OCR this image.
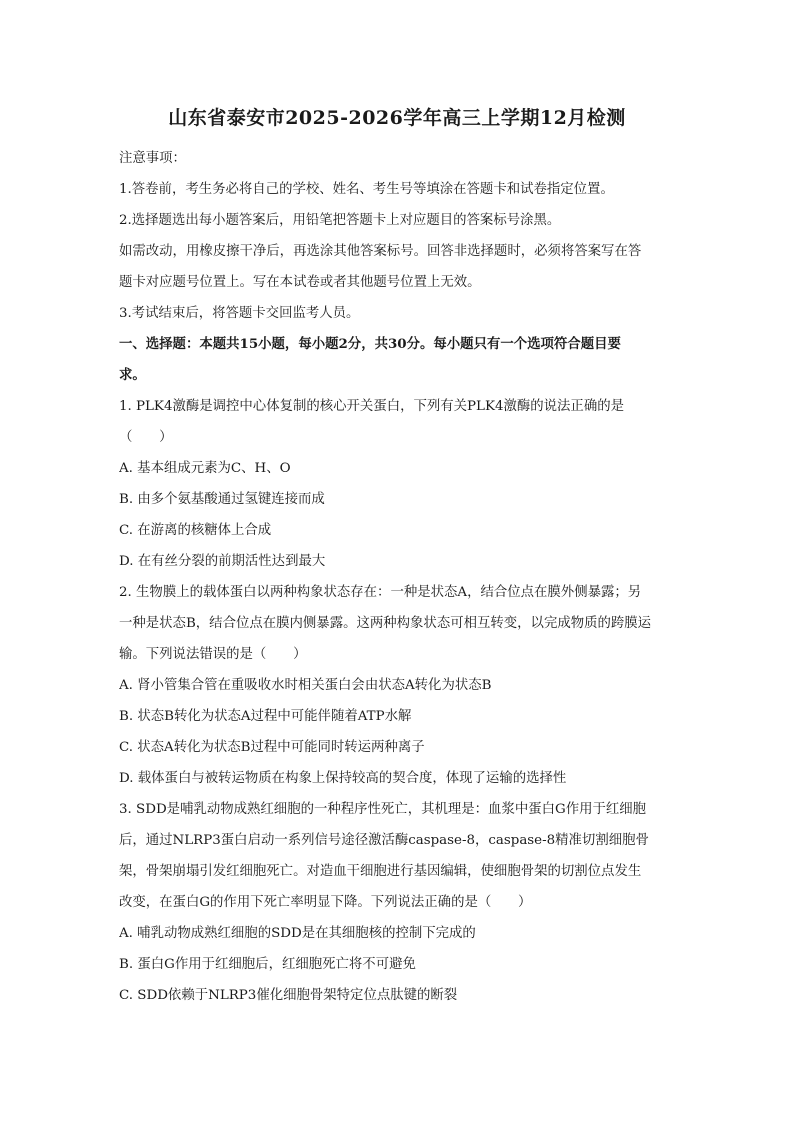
山东省泰安市2025-2026学年高三上学期12月检测
注意事项：
1.答卷前，考生务必将自己的学校、姓名、考生号等填涂在答题卡和试卷指定位置。
2.选择题选出每小题答案后，用铅笔把答题卡上对应题目的答案标号涂黑。
如需改动，用橡皮擦干净后，再选涂其他答案标号。回答非选择题时，必须将答案写在答
题卡对应题号位置上。写在本试卷或者其他题号位置上无效。
3.考试结束后，将答题卡交回监考人员。
一、选择题：本题共15小题，每小题2分，共30分。每小题只有一个选项符合题目要
求。
1. PLK4激酶是调控中心体复制的核心开关蛋白，下列有关PLK4激酶的说法正确的是
（　　）
A. 基本组成元素为C、H、O
B. 由多个氨基酸通过氢键连接而成
C. 在游离的核糖体上合成
D. 在有丝分裂的前期活性达到最大
2. 生物膜上的载体蛋白以两种构象状态存在：一种是状态A，结合位点在膜外侧暴露；另
一种是状态B，结合位点在膜内侧暴露。这两种构象状态可相互转变，以完成物质的跨膜运
输。下列说法错误的是（　　）
A. 肾小管集合管在重吸收水时相关蛋白会由状态A转化为状态B
B. 状态B转化为状态A过程中可能伴随着ATP水解
C. 状态A转化为状态B过程中可能同时转运两种离子
D. 载体蛋白与被转运物质在构象上保持较高的契合度，体现了运输的选择性
3. SDD是哺乳动物成熟红细胞的一种程序性死亡，其机理是：血浆中蛋白G作用于红细胞
后，通过NLRP3蛋白启动一系列信号途径激活酶caspase-8，caspase-8精准切割细胞骨
架，骨架崩塌引发红细胞死亡。对造血干细胞进行基因编辑，使细胞骨架的切割位点发生
改变，在蛋白G的作用下死亡率明显下降。下列说法正确的是（　　）
A. 哺乳动物成熟红细胞的SDD是在其细胞核的控制下完成的
B. 蛋白G作用于红细胞后，红细胞死亡将不可避免
C. SDD依赖于NLRP3催化细胞骨架特定位点肽键的断裂
